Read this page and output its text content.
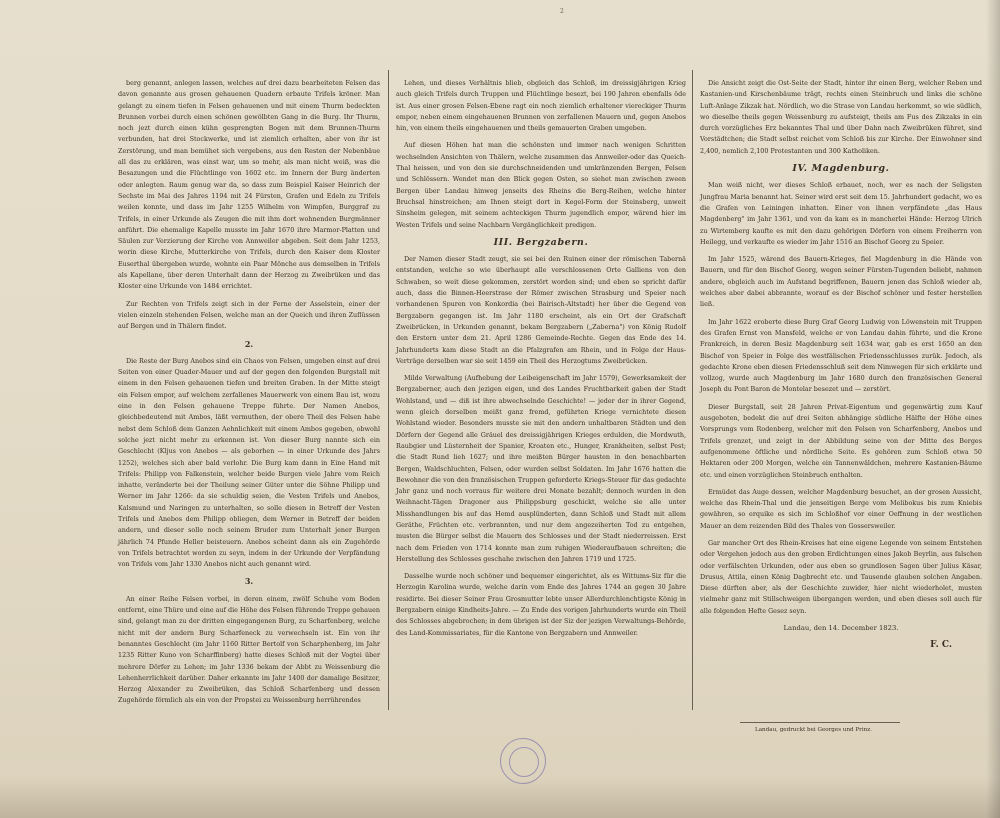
2

berg genannt, anlegen lassen, welches auf drei dazu bearbeiteten Felsen das davon genannte aus grosen gehauenen Quadern erbaute Trifels kröner. Man gelangt zu einem tiefen in Felsen gehauenen und mit einem Thurm bedeckten Brunnen vorbei durch einen schönen gewölbten Gang in die Burg. Ihr Thurm, noch jezt durch einen kühn gesprengten Bogen mit dem Brunnen-Thurm verbunden, hat drei Stockwerke, und ist ziemlich erhalten, aber von ihr ist Zerstörung, und man bemühet sich vergebens, aus den Resten der Nebenbäue all das zu erklären, was einst war, um so mehr, als man nicht weiß, was die Besazungen und die Flüchtlinge von 1602 etc. im Innern der Burg änderten oder anlegten. Raum genug war da, so dass zum Beispiel Kaiser Heinrich der Sechste im Mai des Jahres 1194 mit 24 Fürsten, Grafen und Edeln zu Trifels weilen konnte, und dass im Jahr 1255 Wilhelm von Wimpfen, Burggraf zu Trifels, in einer Urkunde als Zeugen die mit ihm dort wohnenden Burgmänner anführt. Die ehemalige Kapelle musste im Jahr 1670 ihre Marmor-Platten und Säulen zur Verzierung der Kirche von Annweiler abgeben. Seit dem Jahr 1253, worin diese Kirche, Mutterkirche von Trifels, durch den Kaiser dem Kloster Euserthal übergeben wurde, wohnte ein Paar Mönche aus demselben in Trifels als Kapellane, über deren Unterhalt dann der Herzog zu Zweibrüken und das Kloster eine Urkunde von 1484 errichtet.

Zur Rechten von Trifels zeigt sich in der Ferne der Asselstein, einer der vielen einzeln stehenden Felsen, welche man an der Queich und ihren Zuflüssen auf Bergen und in Thälern findet.

2.

Die Reste der Burg Anebos sind ein Chaos von Felsen, umgeben einst auf drei Seiten von einer Quader-Mauer und auf der gegen den folgenden Burgstall mit einem in den Felsen gehauenen tiefen und breiten Graben. In der Mitte steigt ein Felsen empor, auf welchem zerfallenes Mauerwerk von einem Bau ist, wozu eine in den Felsen gehauene Treppe führte. Der Namen Anebos, gleichbedeutend mit Ambos, läßt vermuthen, der obere Theil des Felsen habe nebst dem Schloß dem Ganzen Aehnlichkeit mit einem Ambos gegeben, obwohl solche jezt nicht mehr zu erkennen ist. Von dieser Burg nannte sich ein Geschlecht (Kljus von Anebos — als geborhen — in einer Urkunde des Jahrs 1252), welches sich aber bald verlohr. Die Burg kam dann in Eine Hand mit Trifels: Philipp von Falkenstein, welcher beide Burgen viele Jahre vom Reich inhatte, veränderte bei der Theilung seiner Güter unter die Söhne Philipp und Werner im Jahr 1266: da sie schuldig seien, die Vesten Trifels und Anebos, Kalsmund und Naringen zu unterhalten, so solle diesen in Betreff der Vesten Trifels und Anebos dem Philipp obliegen, dem Werner in Betreff der beiden andern, und dieser solle noch seinem Bruder zum Unterhalt jener Burgen jährlich 74 Pfunde Heller beisteuern. Anebos scheint dann als ein Zugehörde von Trifels betrachtet worden zu seyn, indem in der Urkunde der Verpfändung von Trifels vom Jahr 1330 Anebos nicht auch genannt wird.

3.

An einer Reihe Felsen vorbei, in deren einem, zwölf Schuhe vom Boden entfernt, eine Thüre und eine auf die Höhe des Felsen führende Treppe gehauen sind, gelangt man zu der dritten eingegangenen Burg, zu Scharfenberg, welche nicht mit der andern Burg Scharfeneck zu verwechseln ist. Ein von ihr benanntes Geschlecht (im Jahr 1160 Ritter Bertolf von Scharphenberg, im Jahr 1235 Ritter Kuno von Scharffinberg) hatte dieses Schloß mit der Vogtei über mehrere Dörfer zu Lehen; im Jahr 1336 bekam der Abbt zu Weissenburg die Lehenherrlichkeit darüber. Daher erkannte im Jahr 1400 der damalige Besitzer, Herzog Alexander zu Zweibrüken, das Schloß Scharfenberg und dessen Zugehörde förmlich als ein von der Propstei zu Weissenburg herrührendes

Lehen, und dieses Verhältnis blieb, obgleich das Schloß, im dreissigjährigen Krieg auch gleich Trifels durch Truppen und Flüchtlinge besezt, bei 190 Jahren ebenfalls öde ist. Aus einer grosen Felsen-Ebene ragt ein noch ziemlich erhaltener viereckiger Thurm empor, neben einem eingehauenen Brunnen von zerfallenen Mauern und, gegen Anebos hin, von einem theils eingehauenen und theils gemauerten Graben umgeben.

Auf diesen Höhen hat man die schönsten und immer nach wenigen Schritten wechselnden Ansichten von Thälern, welche zusammen das Annweiler-oder das Queich-Thal heissen, und von den sie durchschneidenden und umkränzenden Bergen, Felsen und Schlössern. Wendet man den Blick gegen Osten, so siehet man zwischen zween Bergen über Landau hinweg jenseits des Rheins die Berg-Reihen, welche hinter Bruchsal hinstreichen; am Ihnen steigt dort in Kegel-Form der Steinsberg, unweit Sinsheim gelegen, mit seinem achteckigen Thurm jugendlich empor, wärend hier im Westen Trifels und seine Nachbarn Vergänglichkeit predigen.

III. Bergzabern.

Der Namen dieser Stadt zeugt, sie sei bei den Ruinen einer der römischen Tabernä entstanden, welche so wie überhaupt alle verschlossenen Orte Galliens von den Schwaben, so weit diese gekommen, zerstört worden sind; und eben so spricht dafür auch, dass die Binnen-Heerstrase der Römer zwischen Strasburg und Speier nach vorhandenen Spuren von Konkordia (bei Bairisch-Altstadt) her über die Gegend von Bergzabern gegangen ist. Im Jahr 1180 erscheint, als ein Ort der Grafschaft Zweibrücken, in Urkunden genannt, bekam Bergzabern („Zaberna") von König Rudolf den Erstern unter dem 21. April 1286 Gemeinde-Rechte. Gegen das Ende des 14. Jahrhunderts kam diese Stadt an die Pfalzgrafen am Rhein, und in Folge der Haus-Verträge derselben war sie seit 1459 ein Theil des Herzogtums Zweibrücken.

Milde Verwaltung (Aufhebung der Leibeigenschaft im Jahr 1579), Gewerksamkeit der Bergzaberner, auch den jezigen eigen, und des Landes Fruchtbarkeit gaben der Stadt Wohlstand, und — diß ist ihre abwechselnde Geschichte! — jeder der in ihrer Gegend, wenn gleich derselben meißt ganz fremd, geführten Kriege vernichtete diesen Wohlstand wieder. Besonders musste sie mit den andern unhaltbaren Städten und den Dörfern der Gegend alle Gräuel des dreissigjährigen Krieges erdulden, die Mordwuth, Raubgier und Lüsternheit der Spanier, Kroaten etc., Hunger, Krankheiten, selbst Pest; die Stadt Rund lieh 1627; und ihre meißten Bürger hausten in den benachbarten Bergen, Waldschluchten, Felsen, oder wurden selbst Soldaten. Im Jahr 1676 hatten die Bewohner die von den französischen Truppen geforderte Kriegs-Steuer für das gedachte Jahr ganz und noch vorraus für weitere drei Monate bezahlt; dennoch wurden in den Weihnacht-Tägen Dragoner aus Philippsburg geschickt, welche sie alle unter Misshandlungen bis auf das Hemd ausplünderten, dann Schloß und Stadt mit allem Geräthe, Früchten etc. verbrannten, und nur dem angezeiherten Tod zu entgehen, musten die Bürger selbst die Mauern des Schlosses und der Stadt niederreissen. Erst nach dem Frieden von 1714 konnte man zum ruhigen Wiederaufbauen schreiten; die Herstellung des Schlosses geschahe zwischen den Jahren 1719 und 1725.

Dasselbe wurde noch schöner und bequemer eingerichtet, als es Wittums-Siz für die Herzogin Karolina wurde, welche darin vom Ende des Jahres 1744 an gegen 30 Jahre residirte. Bei dieser Seiner Frau Grosmutter lebte unser Allerdurchlenchtigste König in Bergzabern einige Kindheits-Jahre. — Zu Ende des vorigen Jahrhunderts wurde ein Theil des Schlosses abgebrochen; in dem übrigen ist der Siz der jezigen Verwaltungs-Behörde, des Land-Kommissariates, für die Kantone von Bergzabern und Annweiler.

Die Ansicht zeigt die Ost-Seite der Stadt, hinter ihr einen Berg, welcher Reben und Kastanien-und Kirschenbäume trägt, rechts einen Steinbruch und links die schöne Luft-Anlage Zikzak hat. Nördlich, wo die Strase von Landau herkommt, so wie südlich, wo dieselbe theils gegen Weissenburg zu aufsteigt, theils am Fus des Zikzaks in ein durch vorzügliches Erz bekanntes Thal und über Dahn nach Zweibrüken führet, sind Vorstädtchen; die Stadt selbst reichet vom Schloß bis zur Kirche. Der Einwohner sind 2,400, nemlich 2,100 Protestanten und 300 Katholiken.

IV. Magdenburg.

Man weiß nicht, wer dieses Schloß erbauet, noch, wer es nach der Seligsten Jungfrau Maria benannt hat. Seiner wird erst seit dem 15. Jahrhundert gedacht, wo es die Grafen von Leiningen inhatten. Einer von ihnen verpfändete „das Haus Magdenberg" im Jahr 1361, und von da kam es in mancherlei Hände: Herzog Ulrich zu Wirtemberg kaufte es mit den dazu gehörigen Dörfern von einem Freiherrn von Heilegg, und verkaufte es wieder im Jahr 1516 an Bischof Georg zu Speier.

Im Jahr 1525, wärend des Bauern-Krieges, fiel Magdenburg in die Hände von Bauern, und für den Bischof Georg, wegen seiner Fürsten-Tugenden beliebt, nahmen andere, obgleich auch im Aufstand begriffenen, Bauern jenen das Schloß wieder ab, welches aber dabei abbrannte, worauf es der Bischof schöner und fester herstellen ließ.

Im Jahr 1622 eroberte diese Burg Graf Georg Ludwig von Löwenstein mit Truppen des Grafen Ernst von Mansfeld, welche er von Landau dahin führte, und die Krone Frankreich, in deren Besiz Magdenburg seit 1634 war, gab es erst 1650 an den Bischof von Speier in Folge des westfälischen Friedensschlusses zurük. Jedoch, als gedachte Krone eben diesen Friedensschluß seit dem Nimwegen für sich erklärte und vollzog, wurde auch Magdenburg im Jahr 1680 durch den französischen General Joseph du Pont Baron de Montelar besezet und — zerstört.

Dieser Burgstall, seit 28 Jahren Privat-Eigentum und gegenwärtig zum Kauf ausgeboten, bedekt die auf drei Seiten abhängige südliche Hälfte der Höhe eines Vorsprungs vom Rodenberg, welcher mit den Felsen von Scharfenberg, Anebos und Trifels grenzet, und zeigt in der Abbildung seine von der Mitte des Berges aufgenommene öftliche und nördliche Seite. Es gehören zum Schloß etwa 50 Hektaren oder 200 Morgen, welche ein Tannenwäldchen, mehrere Kastanien-Bäume etc. und einen vorzüglichen Steinbruch enthalten.

Ermüdet das Auge dessen, welcher Magdenburg besuchet, an der grosen Aussicht, welche das Rhein-Thal und die jenseitigen Berge vom Melibokus bis zum Kniebis gewähren, so erquike es sich im Schloßhof vor einer Oeffnung in der westlichen Mauer an dem reizenden Bild des Thales von Gossersweiler.

Gar mancher Ort des Rhein-Kreises hat eine eigene Legende von seinem Entstehen oder Vergehen jedoch aus den groben Erdichtungen eines Jakob Beyrlin, aus falschen oder verfälschten Urkunden, oder aus eben so grundlosen Sagen über Julius Käsar, Drusus, Attila, einen König Dagbrecht etc. und Tausende glauben solchen Angaben. Diese dürften aber, als der Geschichte zuwider, hier nicht wiederholet, musten vielmehr ganz mit Stillschweigen übergangen werden, und eben dieses soll auch für alle folgenden Hefte Gesez seyn.

Landau, den 14. December 1823.

F. C.

Landau, gedruckt bei Georges und Prinz.
